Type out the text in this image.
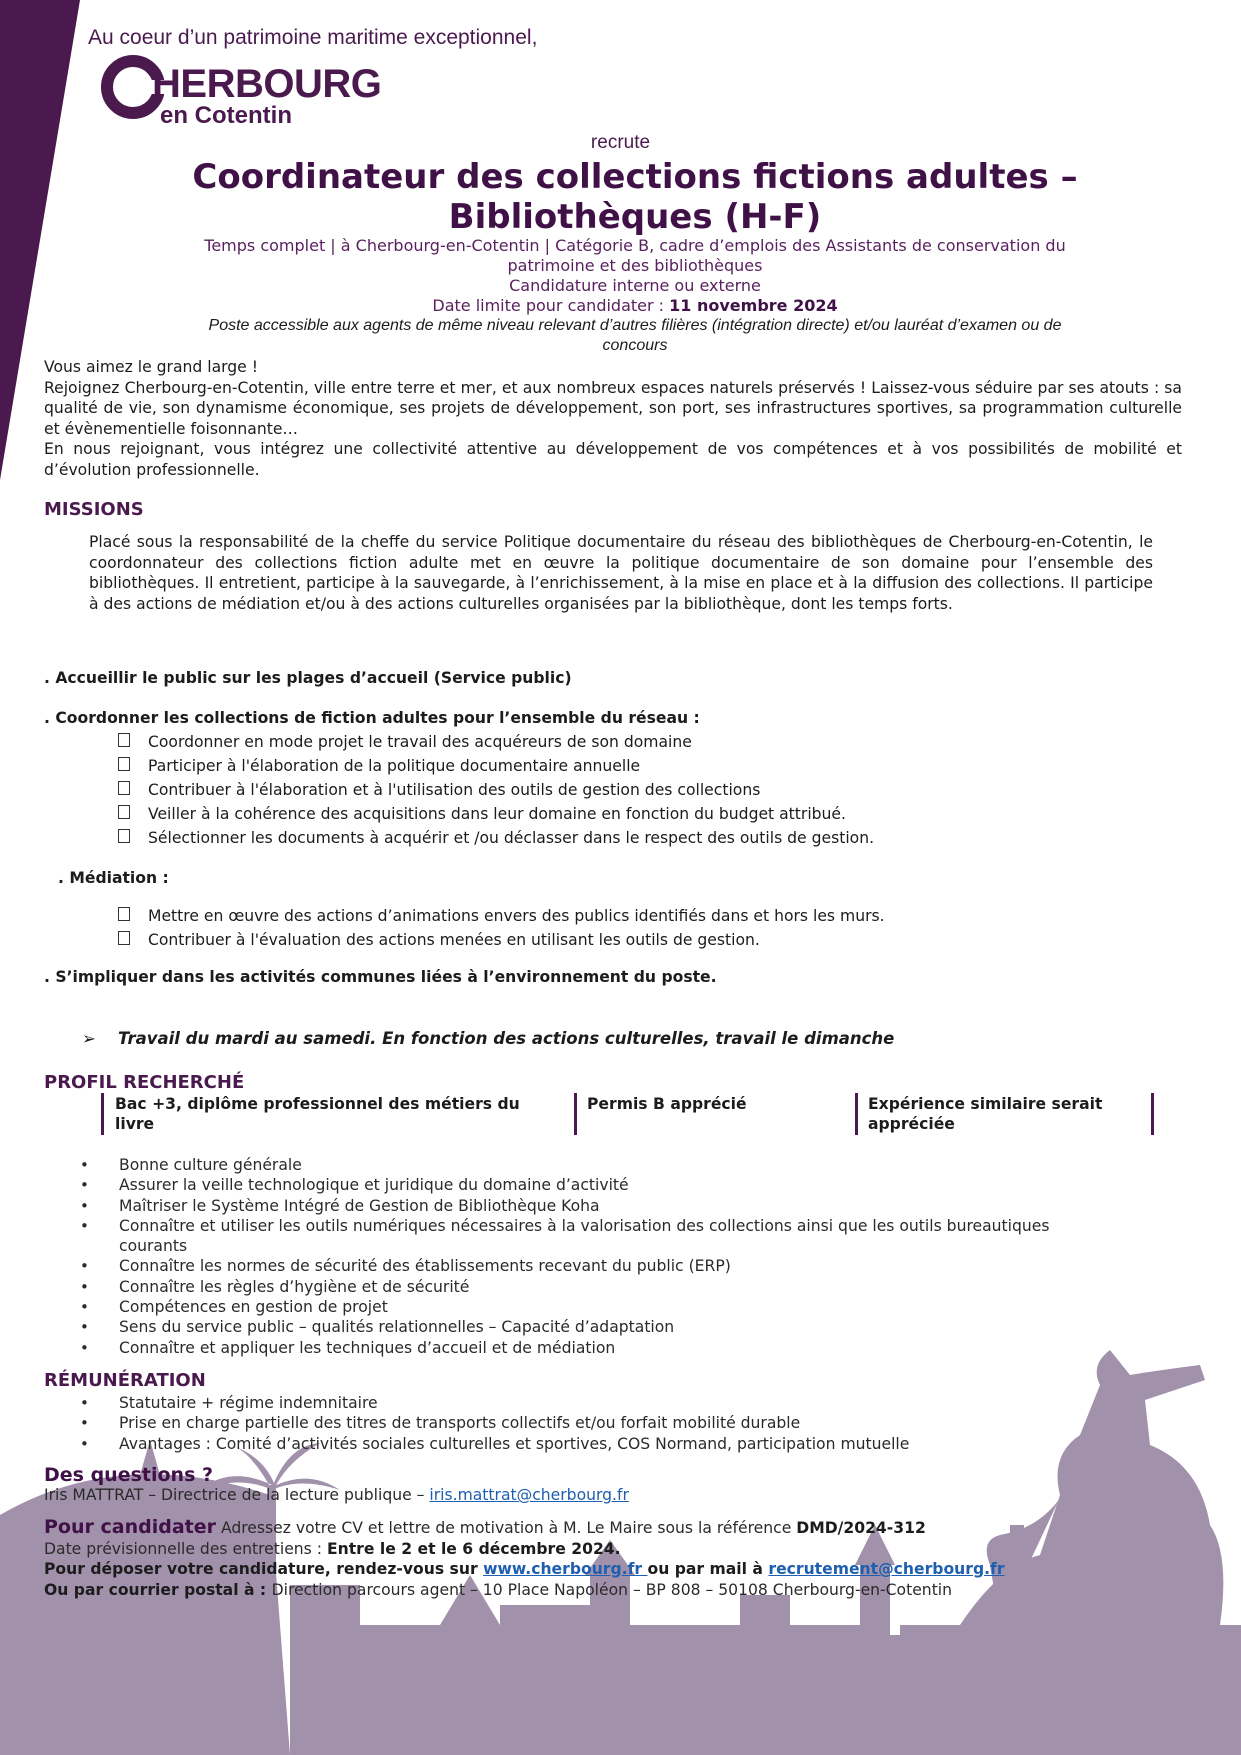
Au coeur d’un patrimoine maritime exceptionnel,
HERBOURG
en Cotentin
recrute
Coordinateur des collections fictions adultes –
Bibliothèques (H-F)
Temps complet | à Cherbourg-en-Cotentin | Catégorie B, cadre d’emplois des Assistants de conservation du
patrimoine et des bibliothèques
Candidature interne ou externe
Date limite pour candidater : 11 novembre 2024
Poste accessible aux agents de même niveau relevant d’autres filières (intégration directe) et/ou lauréat d’examen ou de
concours

Vous aimez le grand large !

Rejoignez Cherbourg-en-Cotentin, ville entre terre et mer, et aux nombreux espaces naturels préservés ! Laissez-vous séduire par ses atouts : sa qualité de vie, son dynamisme économique, ses projets de développement, son port, ses infrastructures sportives, sa programmation culturelle et évènementielle foisonnante…

En nous rejoignant, vous intégrez une collectivité attentive au développement de vos compétences et à vos possibilités de mobilité et d’évolution professionnelle.

MISSIONS
Placé sous la responsabilité de la cheffe du service Politique documentaire du réseau des bibliothèques de Cherbourg-en-Cotentin, le coordonnateur des collections fiction adulte met en œuvre la politique documentaire de son domaine pour l’ensemble des bibliothèques. Il entretient, participe à la sauvegarde, à l’enrichissement, à la mise en place et à la diffusion des collections. Il participe à des actions de médiation et/ou à des actions culturelles organisées par la bibliothèque, dont les temps forts.
. Accueillir le public sur les plages d’accueil (Service public)
. Coordonner les collections de fiction adultes pour l’ensemble du réseau :
Coordonner en mode projet le travail des acquéreurs de son domaine
Participer à l'élaboration de la politique documentaire annuelle
Contribuer à l'élaboration et à l'utilisation des outils de gestion des collections
Veiller à la cohérence des acquisitions dans leur domaine en fonction du budget attribué.
Sélectionner les documents à acquérir et /ou déclasser dans le respect des outils de gestion.
. Médiation :
Mettre en œuvre des actions d’animations envers des publics identifiés dans et hors les murs.
Contribuer à l'évaluation des actions menées en utilisant les outils de gestion.
. S’impliquer dans les activités communes liées à l’environnement du poste.
➢ Travail du mardi au samedi. En fonction des actions culturelles, travail le dimanche
PROFIL RECHERCHÉ
Bac +3, diplôme professionnel des métiers du
livre
Permis B apprécié	Expérience similaire serait
appréciée
• Bonne culture générale
• Assurer la veille technologique et juridique du domaine d’activité
• Maîtriser le Système Intégré de Gestion de Bibliothèque Koha
• Connaître et utiliser les outils numériques nécessaires à la valorisation des collections ainsi que les outils bureautiques courants
• Connaître les normes de sécurité des établissements recevant du public (ERP)
• Connaître les règles d’hygiène et de sécurité
• Compétences en gestion de projet
• Sens du service public – qualités relationnelles – Capacité d’adaptation
• Connaître et appliquer les techniques d’accueil et de médiation
RÉMUNÉRATION
• Statutaire + régime indemnitaire
• Prise en charge partielle des titres de transports collectifs et/ou forfait mobilité durable
• Avantages : Comité d’activités sociales culturelles et sportives, COS Normand, participation mutuelle
Des questions ?
Iris MATTRAT – Directrice de la lecture publique – iris.mattrat@cherbourg.fr
Pour candidater Adressez votre CV et lettre de motivation à M. Le Maire sous la référence DMD/2024-312
Date prévisionnelle des entretiens : Entre le 2 et le 6 décembre 2024.
Pour déposer votre candidature, rendez-vous sur www.cherbourg.fr ou par mail à recrutement@cherbourg.fr
Ou par courrier postal à : Direction parcours agent – 10 Place Napoléon – BP 808 – 50108 Cherbourg-en-Cotentin
